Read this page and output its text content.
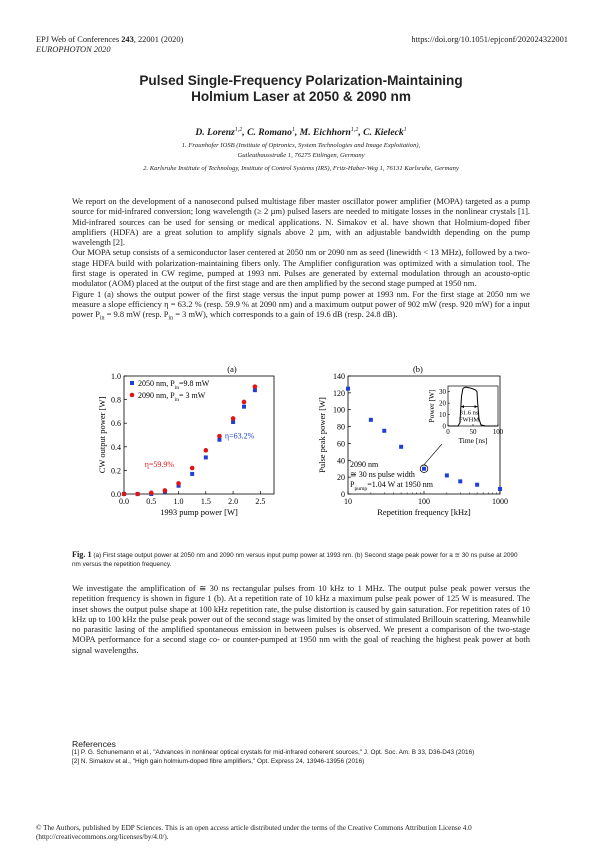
EPJ Web of Conferences 243, 22001 (2020)
EUROPHOTON 2020
https://doi.org/10.1051/epjconf/202024322001
Pulsed Single-Frequency Polarization-Maintaining
Holmium Laser at 2050 & 2090 nm
D. Lorenz$^{1,2}$, C. Romano$^1$, M. Eichhorn$^{1,2}$, C. Kieleck$^1$
1. Fraunhofer IOSB (Institute of Optronics, System Technologies and Image Exploitation),
Gutleuthausstraße 1, 76275 Ettlingen, Germany
2. Karlsruhe Institute of Technology, Institute of Control Systems (IRS), Fritz-Haber-Weg 1, 76131 Karlsruhe, Germany

We report on the development of a nanosecond pulsed multistage fiber master oscillator power amplifier (MOPA) targeted as a pump source for mid-infrared conversion; long wavelength (≥ 2 µm) pulsed lasers are needed to mitigate losses in the nonlinear crystals [1]. Mid-infrared sources can be used for sensing or medical applications. N. Simakov et al. have shown that Holmium-doped fiber amplifiers (HDFA) are a great solution to amplify signals above 2 µm, with an adjustable bandwidth depending on the pump wavelength [2].

Our MOPA setup consists of a semiconductor laser centered at 2050 nm or 2090 nm as seed (linewidth < 13 MHz), followed by a two-stage HDFA build with polarization-maintaining fibers only. The Amplifier configuration was optimized with a simulation tool. The first stage is operated in CW regime, pumped at 1993 nm. Pulses are generated by external modulation through an acousto-optic modulator (AOM) placed at the output of the first stage and are then amplified by the second stage pumped at 1950 nm.

Figure 1 (a) shows the output power of the first stage versus the input pump power at 1993 nm. For the first stage at 2050 nm we measure a slope efficiency η = 63.2 % (resp. 59.9 % at 2090 nm) and a maximum output power of 902 mW (resp. 920 mW) for a input power $P_{in} = 9.8$ mW (resp. $P_{in} = 3$ mW), which corresponds to a gain of 19.6 dB (resp. 24.8 dB).

0.0 0.5 1.0 1.5 2.0 2.5
0.0
0.2
0.4
0.6
0.8
1.0
1993 pump power [W]
CW output power [W]
(a)
2050 nm, $P_{in}=9.8$ mW
2090 nm, $P_{in}= 3$ mW
η=63.2%
η=59.9%
10	100	1000
0
20
40
60
80
100
120
140
Repetition frequency [kHz]
Pulse peak power [W]
(b)
2090 nm
≅ 30 ns pulse width
$P_{pump}=1.04$ W at 1950 nm
0	50 100
0
10
20
30
Time [ns]
Power [W]	31.6 ns
FWHM
Fig. 1 (a) First stage output power at 2050 nm and 2090 nm versus input pump power at 1993 nm. (b) Second stage peak power for a ≅ 30 ns pulse at 2090 nm versus the repetition frequency.

We investigate the amplification of ≅ 30 ns rectangular pulses from 10 kHz to 1 MHz. The output pulse peak power versus the repetition frequency is shown in figure 1 (b). At a repetition rate of 10 kHz a maximum pulse peak power of 125 W is measured. The inset shows the output pulse shape at 100 kHz repetition rate, the pulse distortion is caused by gain saturation. For repetition rates of 10 kHz up to 100 kHz the pulse peak power out of the second stage was limited by the onset of stimulated Brillouin scattering. Meanwhile no parasitic lasing of the amplified spontaneous emission in between pulses is observed. We present a comparison of the two-stage MOPA performance for a second stage co- or counter-pumped at 1950 nm with the goal of reaching the highest peak power at both signal wavelengths.

References
[1] P. G. Schunemann et al., "Advances in nonlinear optical crystals for mid-infrared coherent sources," J. Opt. Soc. Am. B 33, D36-D43 (2016)
[2] N. Simakov et al., "High gain holmium-doped fibre amplifiers," Opt. Express 24, 13946-13956 (2016)
© The Authors, published by EDP Sciences. This is an open access article distributed under the terms of the Creative Commons Attribution License 4.0 (http://creativecommons.org/licenses/by/4.0/).
